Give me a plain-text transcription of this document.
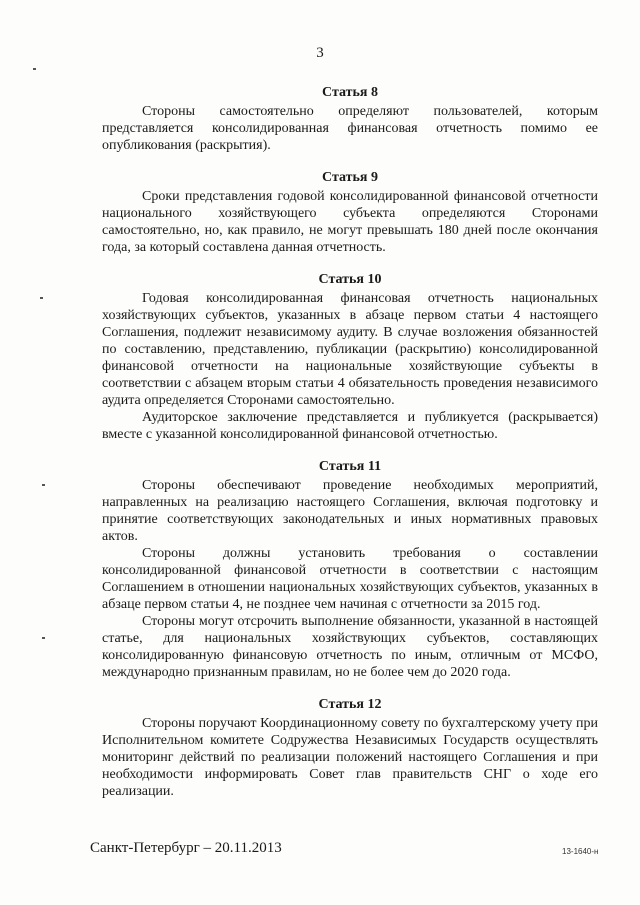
3

Статья 8

Стороны самостоятельно определяют пользователей, которым представляется консолидированная финансовая отчетность помимо ее опубликования (раскрытия).

Статья 9

Сроки представления годовой консолидированной финансовой отчетности национального хозяйствующего субъекта определяются Сторонами самостоятельно, но, как правило, не могут превышать 180 дней после окончания года, за который составлена данная отчетность.

Статья 10

Годовая консолидированная финансовая отчетность национальных хозяйствующих субъектов, указанных в абзаце первом статьи 4 настоящего Соглашения, подлежит независимому аудиту. В случае возложения обязанностей по составлению, представлению, публикации (раскрытию) консолидированной финансовой отчетности на национальные хозяйствующие субъекты в соответствии с абзацем вторым статьи 4 обязательность проведения независимого аудита определяется Сторонами самостоятельно.

Аудиторское заключение представляется и публикуется (раскрывается) вместе с указанной консолидированной финансовой отчетностью.

Статья 11

Стороны обеспечивают проведение необходимых мероприятий, направленных на реализацию настоящего Соглашения, включая подготовку и принятие соответствующих законодательных и иных нормативных правовых актов.

Стороны должны установить требования о составлении консолидированной финансовой отчетности в соответствии с настоящим Соглашением в отношении национальных хозяйствующих субъектов, указанных в абзаце первом статьи 4, не позднее чем начиная с отчетности за 2015 год.

Стороны могут отсрочить выполнение обязанности, указанной в настоящей статье, для национальных хозяйствующих субъектов, составляющих консолидированную финансовую отчетность по иным, отличным от МСФО, международно признанным правилам, но не более чем до 2020 года.

Статья 12

Стороны поручают Координационному совету по бухгалтерскому учету при Исполнительном комитете Содружества Независимых Государств осуществлять мониторинг действий по реализации положений настоящего Соглашения и при необходимости информировать Совет глав правительств СНГ о ходе его реализации.

Санкт-Петербург – 20.11.2013	13-1640-н
